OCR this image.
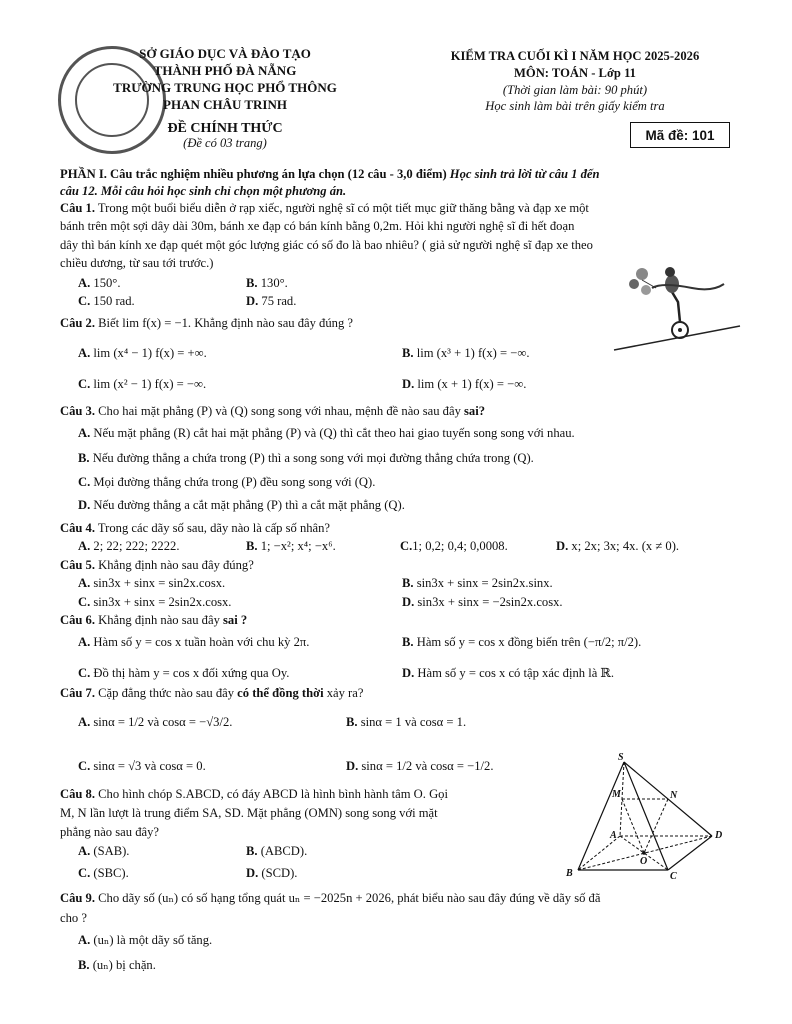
SỞ GIÁO DỤC VÀ ĐÀO TẠO
THÀNH PHỐ ĐÀ NẴNG
TRƯỜNG TRUNG HỌC PHỔ THÔNG
PHAN CHÂU TRINH
ĐỀ CHÍNH THỨC
(Đề có 03 trang)
KIỂM TRA CUỐI KÌ I NĂM HỌC 2025-2026
MÔN: TOÁN - Lớp 11
(Thời gian làm bài: 90 phút)
Học sinh làm bài trên giấy kiểm tra
Mã đề: 101
PHẦN I. Câu trắc nghiệm nhiều phương án lựa chọn (12 câu - 3,0 điểm) Học sinh trả lời từ câu 1 đến
câu 12. Mỗi câu hỏi học sinh chỉ chọn một phương án.
Câu 1. Trong một buổi biểu diễn ở rạp xiếc, người nghệ sĩ có một tiết mục giữ thăng bằng và đạp xe một
bánh trên một sợi dây dài 30m, bánh xe đạp có bán kính bằng 0,2m. Hỏi khi người nghệ sĩ đi hết đoạn
dây thì bán kính xe đạp quét một góc lượng giác có số đo là bao nhiêu? ( giả sử người nghệ sĩ đạp xe theo
chiều dương, từ sau tới trước.)
A. 150°.	B. 130°.
C. 150 rad.	D. 75 rad.
Câu 2. Biết lim f(x) = −1. Khẳng định nào sau đây đúng ?
A. lim (x⁴ − 1) f(x) = +∞.	B. lim (x³ + 1) f(x) = −∞.
C. lim (x² − 1) f(x) = −∞.	D. lim (x + 1) f(x) = −∞.
Câu 3. Cho hai mặt phẳng (P) và (Q) song song với nhau, mệnh đề nào sau đây sai?
A. Nếu mặt phẳng (R) cắt hai mặt phẳng (P) và (Q) thì cắt theo hai giao tuyến song song với nhau.
B. Nếu đường thẳng a chứa trong (P) thì a song song với mọi đường thẳng chứa trong (Q).
C. Mọi đường thẳng chứa trong (P) đều song song với (Q).
D. Nếu đường thẳng a cắt mặt phẳng (P) thì a cắt mặt phẳng (Q).
Câu 4. Trong các dãy số sau, dãy nào là cấp số nhân?
A. 2; 22; 222; 2222.	B. 1; −x²; x⁴; −x⁶.	C.1; 0,2; 0,4; 0,0008.	D. x; 2x; 3x; 4x. (x ≠ 0).
Câu 5. Khẳng định nào sau đây đúng?
A. sin3x + sinx = sin2x.cosx.	B. sin3x + sinx = 2sin2x.sinx.
C. sin3x + sinx = 2sin2x.cosx.	D. sin3x + sinx = −2sin2x.cosx.
Câu 6. Khẳng định nào sau đây sai ?
A. Hàm số y = cos x tuần hoàn với chu kỳ 2π.	B. Hàm số y = cos x đồng biến trên (−π/2; π/2).
C. Đồ thị hàm y = cos x đối xứng qua Oy.	D. Hàm số y = cos x có tập xác định là ℝ.
Câu 7. Cặp đẳng thức nào sau đây có thể đồng thời xảy ra?
A. sinα = 1/2 và cosα = −√3/2.	B. sinα = 1 và cosα = 1.
C. sinα = √3 và cosα = 0.	D. sinα = 1/2 và cosα = −1/2.
Câu 8. Cho hình chóp S.ABCD, có đáy ABCD là hình bình hành tâm O. Gọi
M, N lần lượt là trung điểm SA, SD. Mặt phẳng (OMN) song song với mặt
phẳng nào sau đây?
A. (SAB).	B. (ABCD).
C. (SBC).	D. (SCD).
S
M	N
A	D
O
B	C
Câu 9. Cho dãy số (uₙ) có số hạng tổng quát uₙ = −2025n + 2026, phát biểu nào sau đây đúng về dãy số đã
cho ?
A. (uₙ) là một dãy số tăng.
B. (uₙ) bị chặn.
